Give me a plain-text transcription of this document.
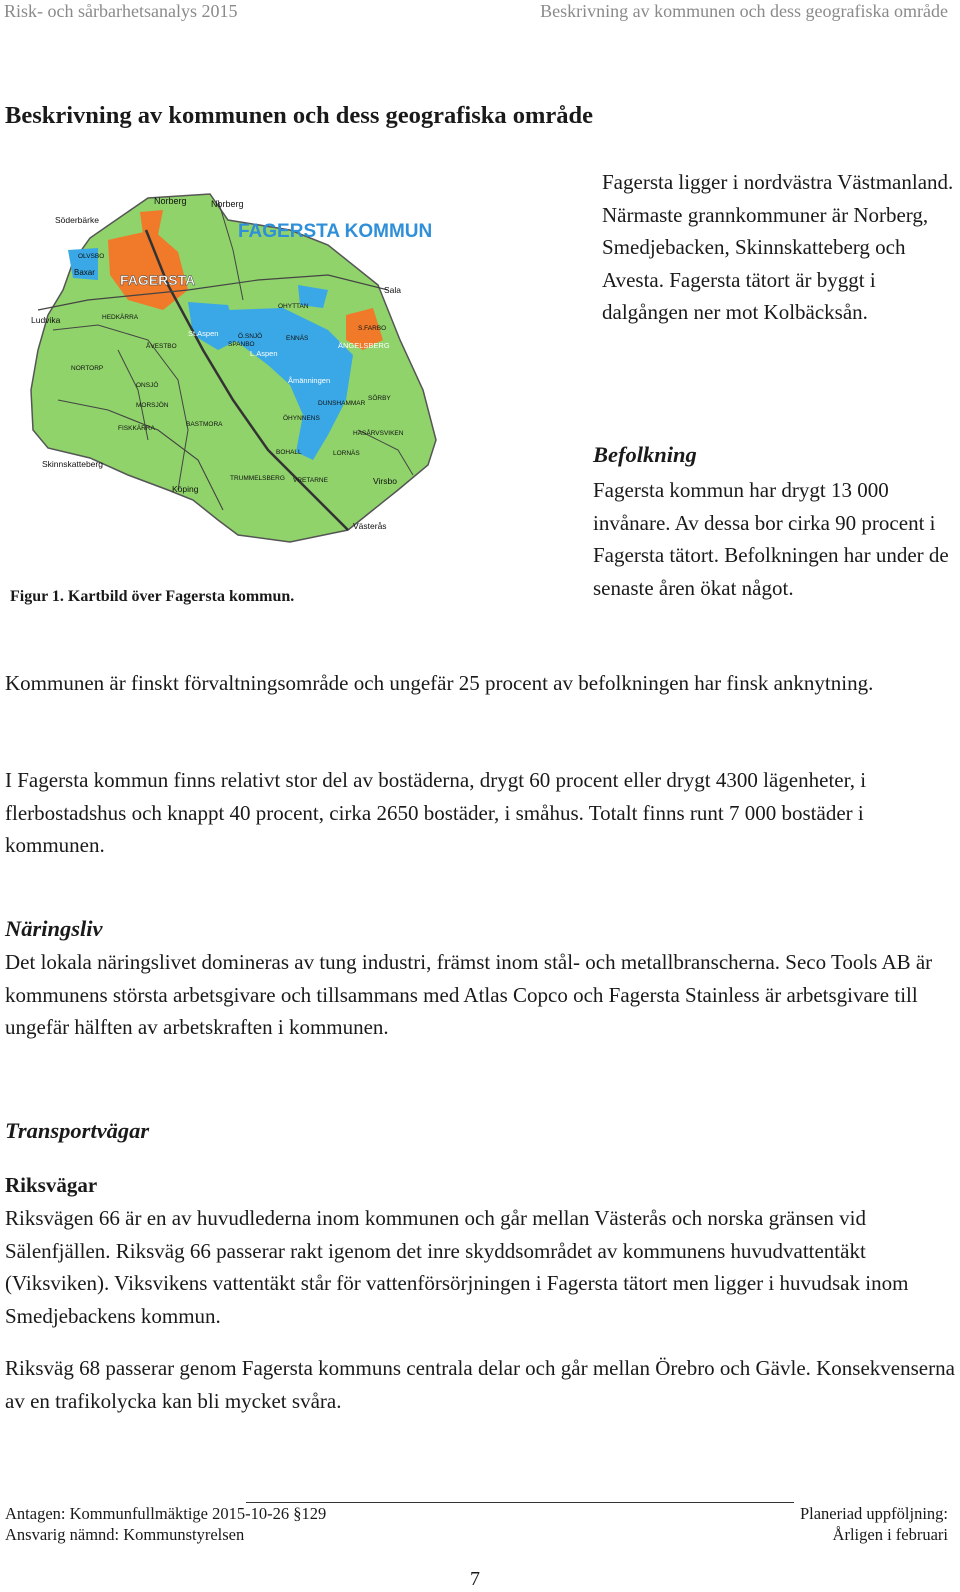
Risk- och sårbarhetsanalys 2015	Beskrivning av kommunen och dess geografiska område
Beskrivning av kommunen och dess geografiska område
FAGERSTA KOMMUN
FAGERSTA
Norberg	Norberg
Söderbärke
OLVSBO
Baxar
Ludvika
Sala
HEDKÄRRA
ÅVESTBO
St.Aspen
L.Aspen
ÄNGELSBERG
Åmänningen
NORTORP
ONSJÖ
MORSJÖN
FISKKÄRRA
BASTMORA
Skinnskatteberg
Köping
TRUMMELSBERG
BOHALL
VRETARNE
Västerås
Virsbo
SÖRBY
DUNSHAMMAR
HASÅRVSVIKEN
S.FARBO
OHYTTAN
SPANBO
Ö.SNJÖ	ENNÄS
ÖHYNNENS
LORNÄS

Figur 1. Kartbild över Fagersta kommun.

Fagersta ligger i nordvästra Västmanland. Närmaste grannkommuner är Norberg, Smedjebacken, Skinnskatteberg och Avesta. Fagersta tätort är byggt i dalgången ner mot Kolbäcksån.

Befolkning

Fagersta kommun har drygt 13 000 invånare. Av dessa bor cirka 90 procent i Fagersta tätort. Befolkningen har under de senaste åren ökat något.

Kommunen är finskt förvaltningsområde och ungefär 25 procent av befolkningen har finsk anknytning.

I Fagersta kommun finns relativt stor del av bostäderna, drygt 60 procent eller drygt 4300 lägenheter, i flerbostadshus och knappt 40 procent, cirka 2650 bostäder, i småhus. Totalt finns runt 7 000 bostäder i kommunen.

Näringsliv

Det lokala näringslivet domineras av tung industri, främst inom stål- och metallbranscherna. Seco Tools AB är kommunens största arbetsgivare och tillsammans med Atlas Copco och Fagersta Stainless är arbetsgivare till ungefär hälften av arbetskraften i kommunen.

Transportvägar

Riksvägar

Riksvägen 66 är en av huvudlederna inom kommunen och går mellan Västerås och norska gränsen vid Sälenfjällen. Riksväg 66 passerar rakt igenom det inre skyddsområdet av kommunens huvudvattentäkt (Viksviken). Viksvikens vattentäkt står för vattenförsörjningen i Fagersta tätort men ligger i huvudsak inom Smedjebackens kommun.

Riksväg 68 passerar genom Fagersta kommuns centrala delar och går mellan Örebro och Gävle. Konsekvenserna av en trafikolycka kan bli mycket svåra.

Antagen: Kommunfullmäktige 2015-10-26 §129
Ansvarig nämnd: Kommunstyrelsen
Planeriad uppföljning:
Årligen i februari
7
